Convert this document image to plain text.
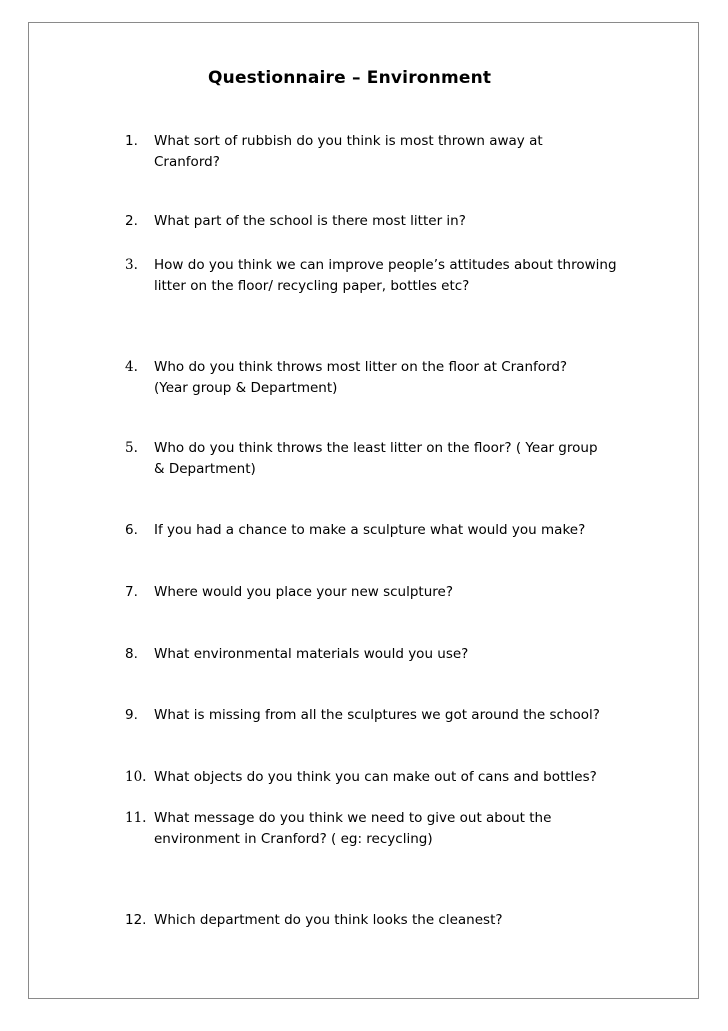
Questionnaire – Environment
1. What sort of rubbish do you think is most thrown away at
Cranford?
2. What part of the school is there most litter in?
3. How do you think we can improve people’s attitudes about throwing
litter on the floor/ recycling paper, bottles etc?
4. Who do you think throws most litter on the floor at Cranford?
(Year group & Department)
5. Who do you think throws the least litter on the floor? ( Year group
& Department)
6. If you had a chance to make a sculpture what would you make?
7. Where would you place your new sculpture?
8. What environmental materials would you use?
9. What is missing from all the sculptures we got around the school?
10. What objects do you think you can make out of cans and bottles?
11. What message do you think we need to give out about the
environment in Cranford? ( eg: recycling)
12. Which department do you think looks the cleanest?
